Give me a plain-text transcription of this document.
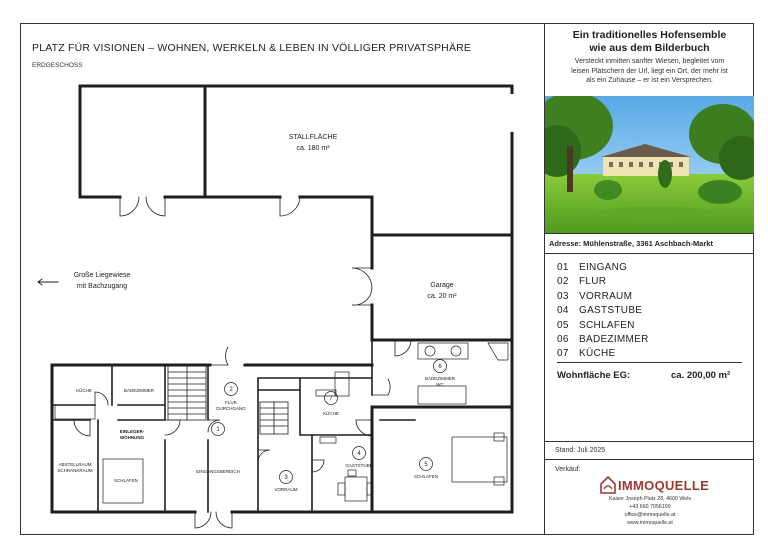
PLATZ FÜR VISIONEN – WOHNEN, WERKELN & LEBEN IN VÖLLIGER PRIVATSPHÄRE
ERDGESCHOSS
STALLFLÄCHE
ca. 180 m²
Garage
ca. 20 m²
Große Liegewiese
mit Bachzugang
KÜCHE	BADEZIMMER
EINLEGER-
WOHNUNG
ABSTELLRAUM
SCHRANKRAUM
SCHLAFEN
1
EINGANGSBEREICH
2
FLUR
DURCHGANG
3
VORRAUM
4
GASTSTUBE	5
SCHLAFEN
6
BADEZIMMER
WC
7
KÜCHE
Ein traditionelles Hofensemble
wie aus dem Bilderbuch
Versteckt inmitten sanfter Wiesen, begleitet vom
leisen Plätschern der Url, liegt ein Ort, der mehr ist
als ein Zuhause – er ist ein Versprechen.
Adresse: Mühlenstraße, 3361 Aschbach-Markt
01 EINGANG
02 FLUR
03 VORRAUM
04 GASTSTUBE
05 SCHLAFEN
06 BADEZIMMER
07 KÜCHE
Wohnfläche EG:	ca. 200,00 m²
Stand: Juli 2025
Verkauf:
IMMOQUELLE
Kaiser Joseph Platz 28, 4600 Wels
+43 660 7056199
office@immoquelle.at
www.immoquelle.at
